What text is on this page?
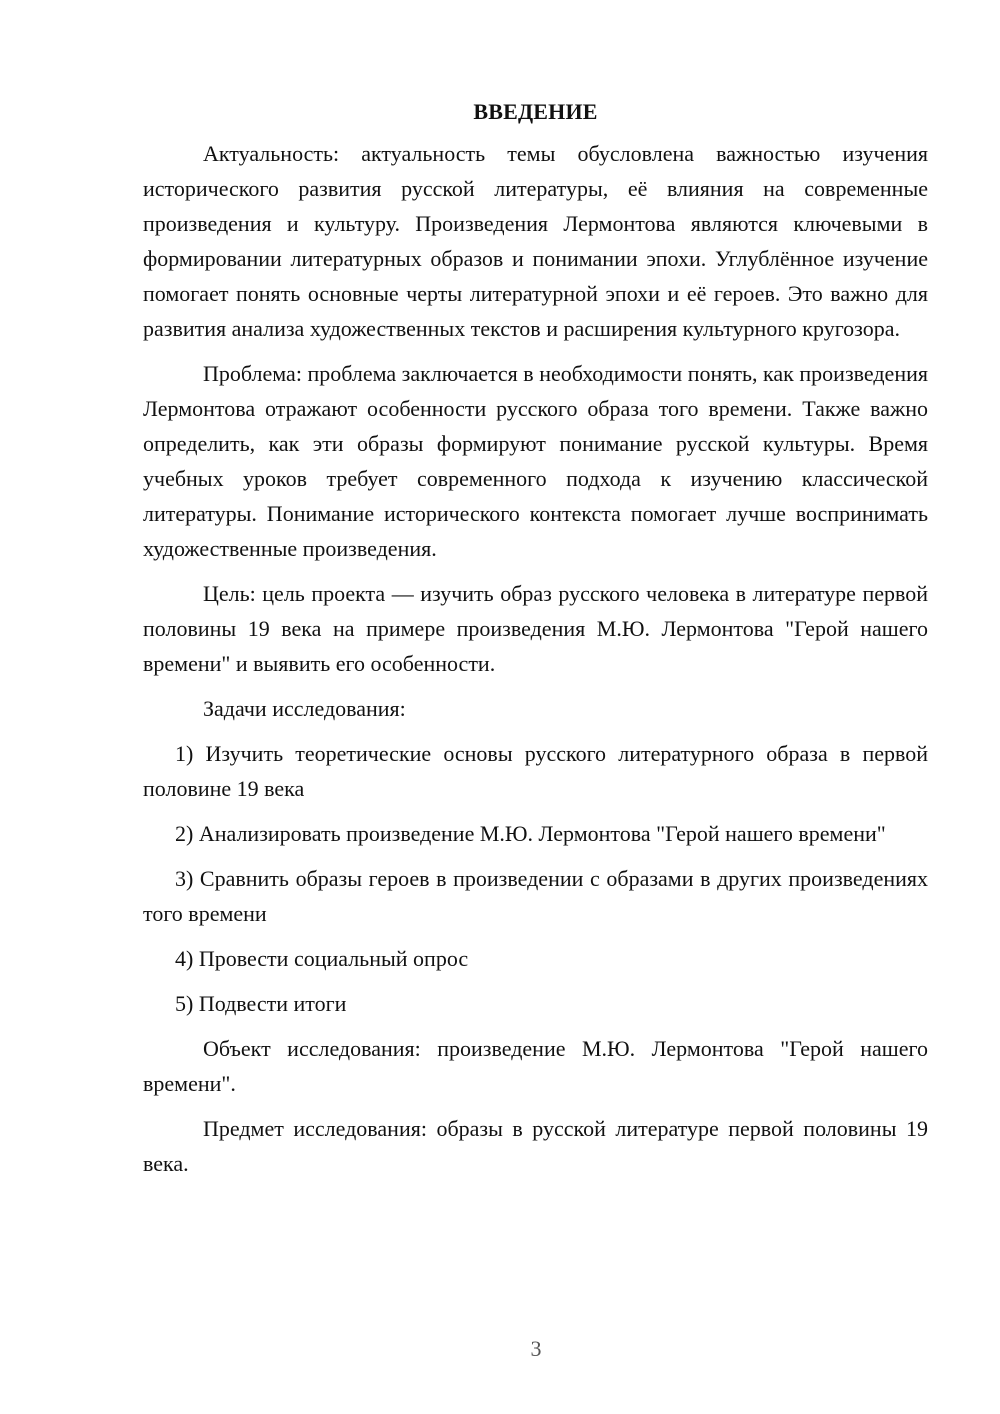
ВВЕДЕНИЕ

Актуальность: актуальность темы обусловлена важностью изучения исторического развития русской литературы, её влияния на современные произведения и культуру. Произведения Лермонтова являются ключевыми в формировании литературных образов и понимании эпохи. Углублённое изучение помогает понять основные черты литературной эпохи и её героев. Это важно для развития анализа художественных текстов и расширения культурного кругозора.

Проблема: проблема заключается в необходимости понять, как произведения Лермонтова отражают особенности русского образа того времени. Также важно определить, как эти образы формируют понимание русской культуры. Время учебных уроков требует современного подхода к изучению классической литературы. Понимание исторического контекста помогает лучше воспринимать художественные произведения.

Цель: цель проекта — изучить образ русского человека в литературе первой половины 19 века на примере произведения М.Ю. Лермонтова "Герой нашего времени" и выявить его особенности.

Задачи исследования:

1) Изучить теоретические основы русского литературного образа в первой половине 19 века

2) Анализировать произведение М.Ю. Лермонтова "Герой нашего времени"

3) Сравнить образы героев в произведении с образами в других произведениях того времени

4) Провести социальный опрос

5) Подвести итоги

Объект исследования: произведение М.Ю. Лермонтова "Герой нашего времени".

Предмет исследования: образы в русской литературе первой половины 19 века.

3
